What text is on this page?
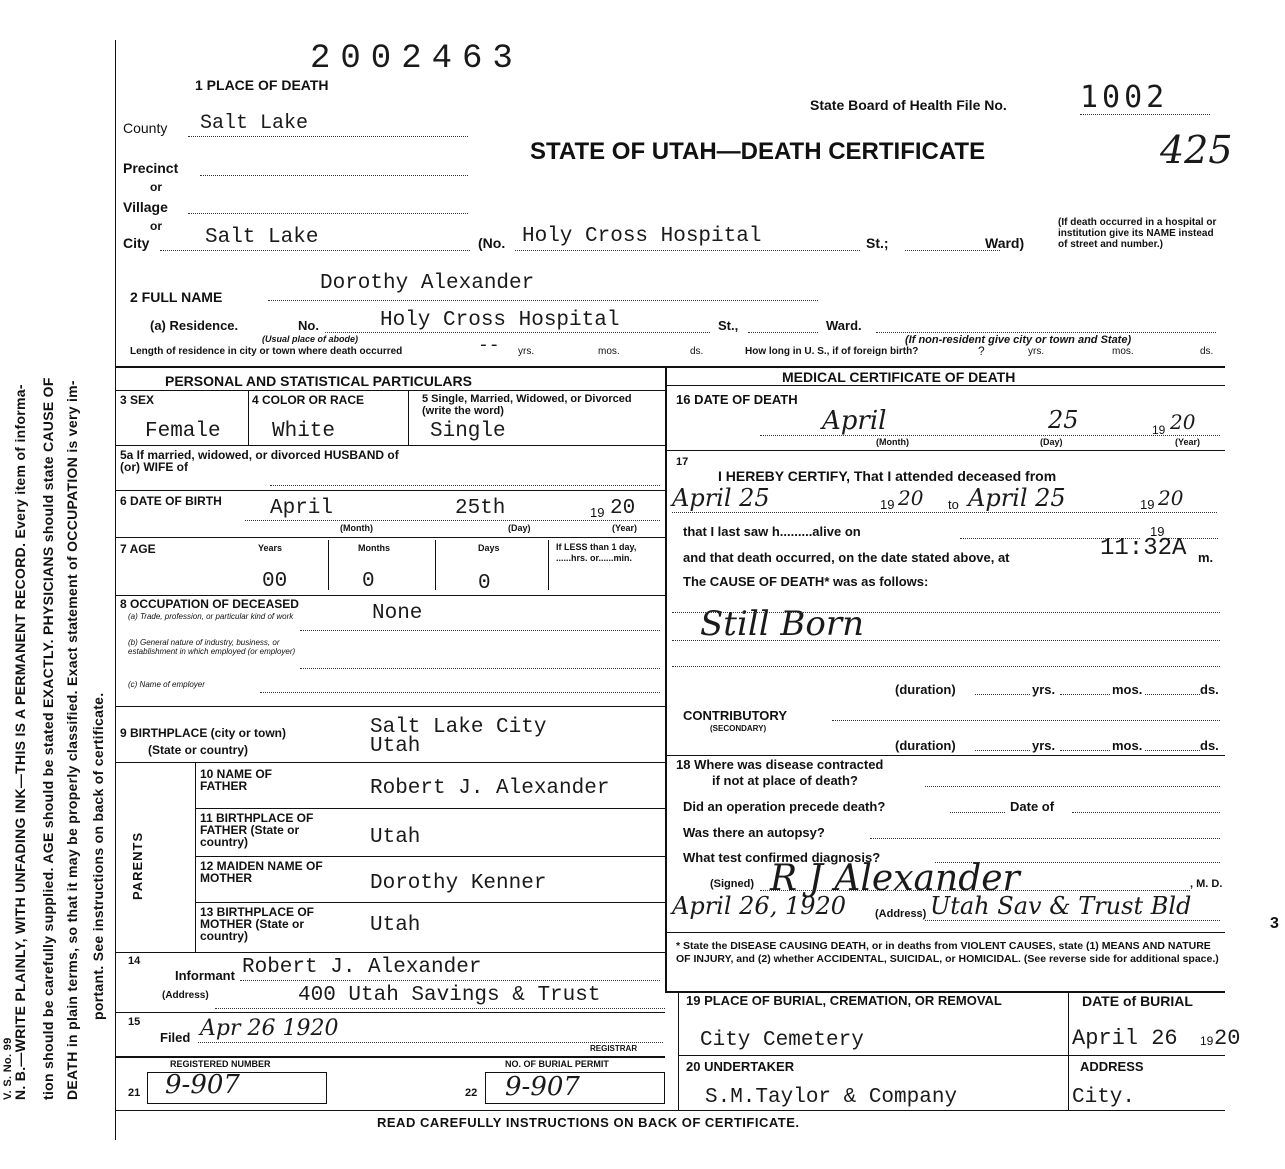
N. B.—WRITE PLAINLY, WITH UNFADING INK—THIS IS A PERMANENT RECORD. Every item of informa- tion should be carefully supplied. AGE should be stated EXACTLY. PHYSICIANS should state CAUSE OF DEATH in plain terms, so that it may be properly classified. Exact statement of OCCUPATION is very im- portant. See instructions on back of certificate.
V. S. No. 99
3
2002463
1 PLACE OF DEATH
State Board of Health File No. 1002
STATE OF UTAH—DEATH CERTIFICATE	425
County Salt Lake
Precinct
or
Village
or
City	Salt Lake	(No. Holy Cross Hospital	St.;	Ward)
(If death occurred in a hospital or institution give its NAME instead of street and number.)
2 FULL NAME
Dorothy Alexander
(a) Residence.	No.	Holy Cross Hospital	St.,	Ward.
(Usual place of abode)	(If non-resident give city or town and State)
Length of residence in city or town where death occurred	-- yrs.	mos.	ds.	How long in U. S., if of foreign birth?	?	yrs.	mos.	ds.
PERSONAL AND STATISTICAL PARTICULARS
3 SEX
Female
4 COLOR OR RACE
White
5 Single, Married, Widowed, or Divorced (write the word)
Single
5a If married, widowed, or divorced HUSBAND of (or) WIFE of
6 DATE OF BIRTH April	25th	19 20
(Month)	(Day)	(Year)
7 AGE	Years	Months	Days
00	0	0
If LESS than 1 day, ......hrs. or......min.
8 OCCUPATION OF DECEASED	None
(a) Trade, profession, or particular kind of work
(b) General nature of industry, business, or establishment in which employed (or employer)
(c) Name of employer
9 BIRTHPLACE (city or town)
(State or country)
Salt Lake City
Utah
PARENTS
10 NAME OF FATHER	Robert J. Alexander
11 BIRTHPLACE OF FATHER (State or country)	Utah
12 MAIDEN NAME OF MOTHER	Dorothy Kenner
13 BIRTHPLACE OF MOTHER (State or country)	Utah
14
Informant Robert J. Alexander
(Address)	400 Utah Savings & Trust
15
Filed Apr 26 1920
REGISTRAR
REGISTERED NUMBER
21 9-907
NO. OF BURIAL PERMIT
22 9-907
MEDICAL CERTIFICATE OF DEATH
16 DATE OF DEATH
April	25	19 20
(Month)	(Day)	(Year)
17
I HEREBY CERTIFY, That I attended deceased from
April 25	19 20 to April 25	19 20
that I last saw h.........alive on	19
and that death occurred, on the date stated above, at	11:32A m.
The CAUSE OF DEATH* was as follows:
Still Born
(duration)	yrs.	mos.	ds.
CONTRIBUTORY
(SECONDARY)
(duration)	yrs.	mos.	ds.
18 Where was disease contracted
if not at place of death?
Did an operation precede death?	Date of
Was there an autopsy?
What test confirmed diagnosis?
(Signed) R J Alexander	, M. D.
April 26, 1920	(Address) Utah Sav & Trust Bld
* State the DISEASE CAUSING DEATH, or in deaths from VIOLENT CAUSES, state (1) MEANS AND NATURE OF INJURY, and (2) whether ACCIDENTAL, SUICIDAL, or HOMICIDAL. (See reverse side for additional space.)
19 PLACE OF BURIAL, CREMATION, OR REMOVAL
City Cemetery
DATE of BURIAL
April 26 19 20
20 UNDERTAKER
S.M.Taylor & Company
ADDRESS
City.
READ CAREFULLY INSTRUCTIONS ON BACK OF CERTIFICATE.
